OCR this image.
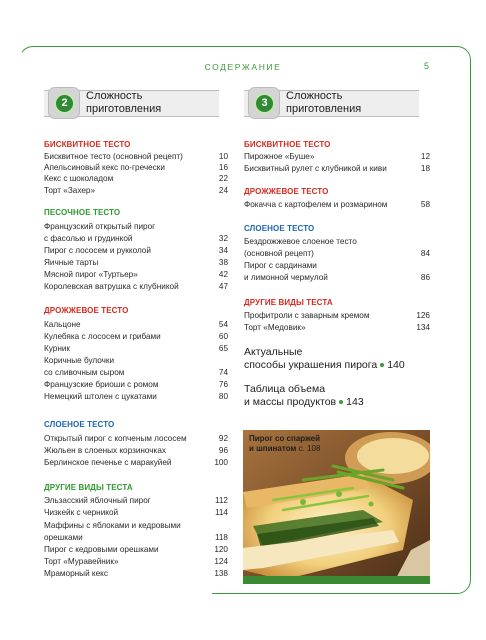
СОДЕРЖАНИЕ	5
2
Сложность
приготовления	3
Сложность
приготовления
БИСКВИТНОЕ ТЕСТО
Бисквитное тесто (основной рецепт)	10
Апельсиновый кекс по-гречески	16
Кекс с шоколадом	22
Торт «Захер»	24
ПЕСОЧНОЕ ТЕСТО
Французский открытый пирог
с фасолью и грудинкой	32
Пирог с лососем и рукколой	34
Яичные тарты	38
Мясной пирог «Туртьер»	42
Королевская ватрушка с клубникой	47
ДРОЖЖЕВОЕ ТЕСТО
Кальцоне	54
Кулебяка с лососем и грибами	60
Курник	65
Коричные булочки
со сливочным сыром	74
Французские бриоши с ромом	76
Немецкий штолен с цукатами	80
СЛОЕНОЕ ТЕСТО
Открытый пирог с копченым лососем	92
Жюльен в слоеных корзиночках	96
Берлинское печенье с маракуйей	100
ДРУГИЕ ВИДЫ ТЕСТА
Эльзасский яблочный пирог	112
Чизкейк с черникой	114
Маффины с яблоками и кедровыми
орешками	118
Пирог с кедровыми орешками	120
Торт «Муравейник»	124
Мраморный кекс	138
БИСКВИТНОЕ ТЕСТО
Пирожное «Буше»	12
Бисквитный рулет с клубникой и киви	18
ДРОЖЖЕВОЕ ТЕСТО
Фокачча с картофелем и розмарином	58
СЛОЕНОЕ ТЕСТО
Бездрожжевое слоеное тесто
(основной рецепт)	84
Пирог с сардинами
и лимонной чермулой	86
ДРУГИЕ ВИДЫ ТЕСТА
Профитроли с заварным кремом	126
Торт «Медовик»	134
Актуальные
способы украшения пирога 140
Таблица объема
и массы продуктов 143
Пирог со спаржей
и шпинатом с. 108
